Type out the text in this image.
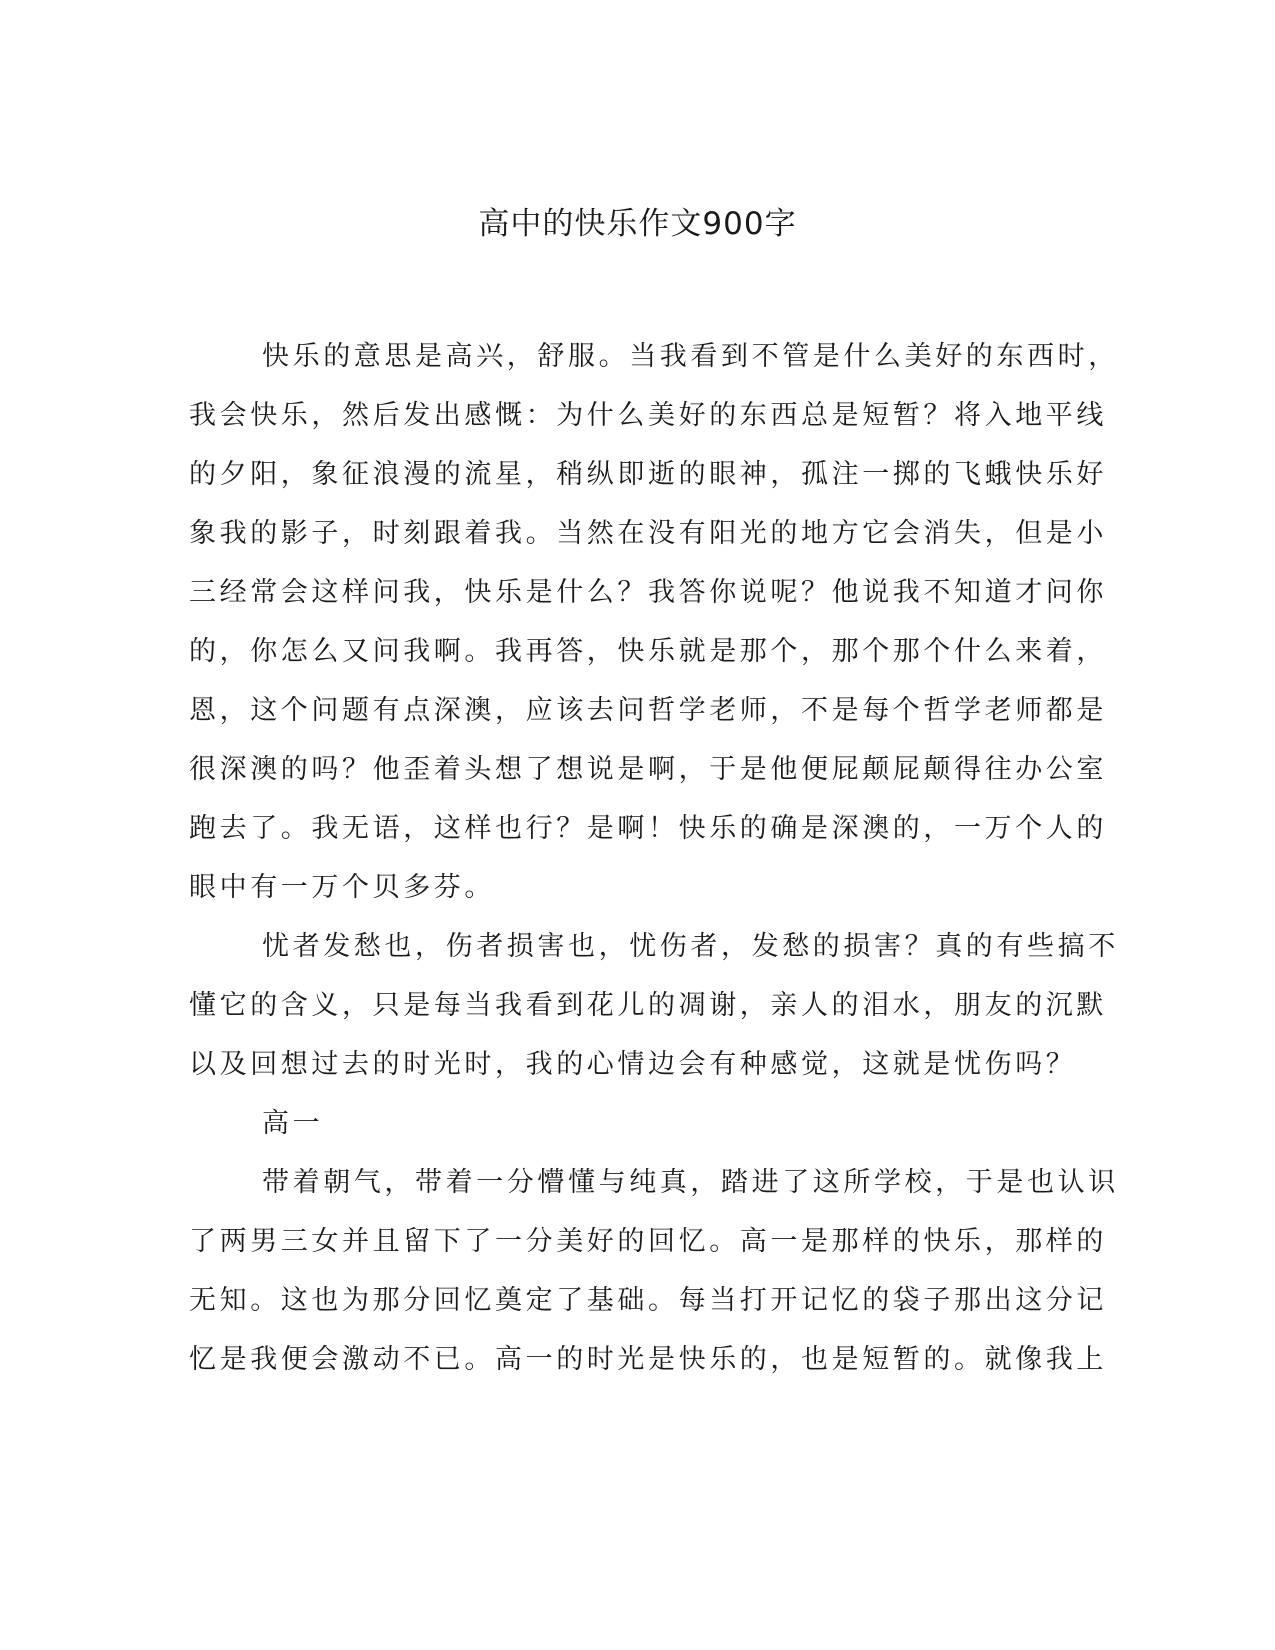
高中的快乐作文900字
快乐的意思是高兴，舒服。当我看到不管是什么美好的东西时，
我会快乐，然后发出感慨：为什么美好的东西总是短暂？将入地平线
的夕阳，象征浪漫的流星，稍纵即逝的眼神，孤注一掷的飞蛾快乐好
象我的影子，时刻跟着我。当然在没有阳光的地方它会消失，但是小
三经常会这样问我，快乐是什么？我答你说呢？他说我不知道才问你
的，你怎么又问我啊。我再答，快乐就是那个，那个那个什么来着，
恩，这个问题有点深澳，应该去问哲学老师，不是每个哲学老师都是
很深澳的吗？他歪着头想了想说是啊，于是他便屁颠屁颠得往办公室
跑去了。我无语，这样也行？是啊！快乐的确是深澳的，一万个人的
眼中有一万个贝多芬。
忧者发愁也，伤者损害也，忧伤者，发愁的损害？真的有些搞不
懂它的含义，只是每当我看到花儿的凋谢，亲人的泪水，朋友的沉默
以及回想过去的时光时，我的心情边会有种感觉，这就是忧伤吗？
高一
带着朝气，带着一分懵懂与纯真，踏进了这所学校，于是也认识
了两男三女并且留下了一分美好的回忆。高一是那样的快乐，那样的
无知。这也为那分回忆奠定了基础。每当打开记忆的袋子那出这分记
忆是我便会激动不已。高一的时光是快乐的，也是短暂的。就像我上
